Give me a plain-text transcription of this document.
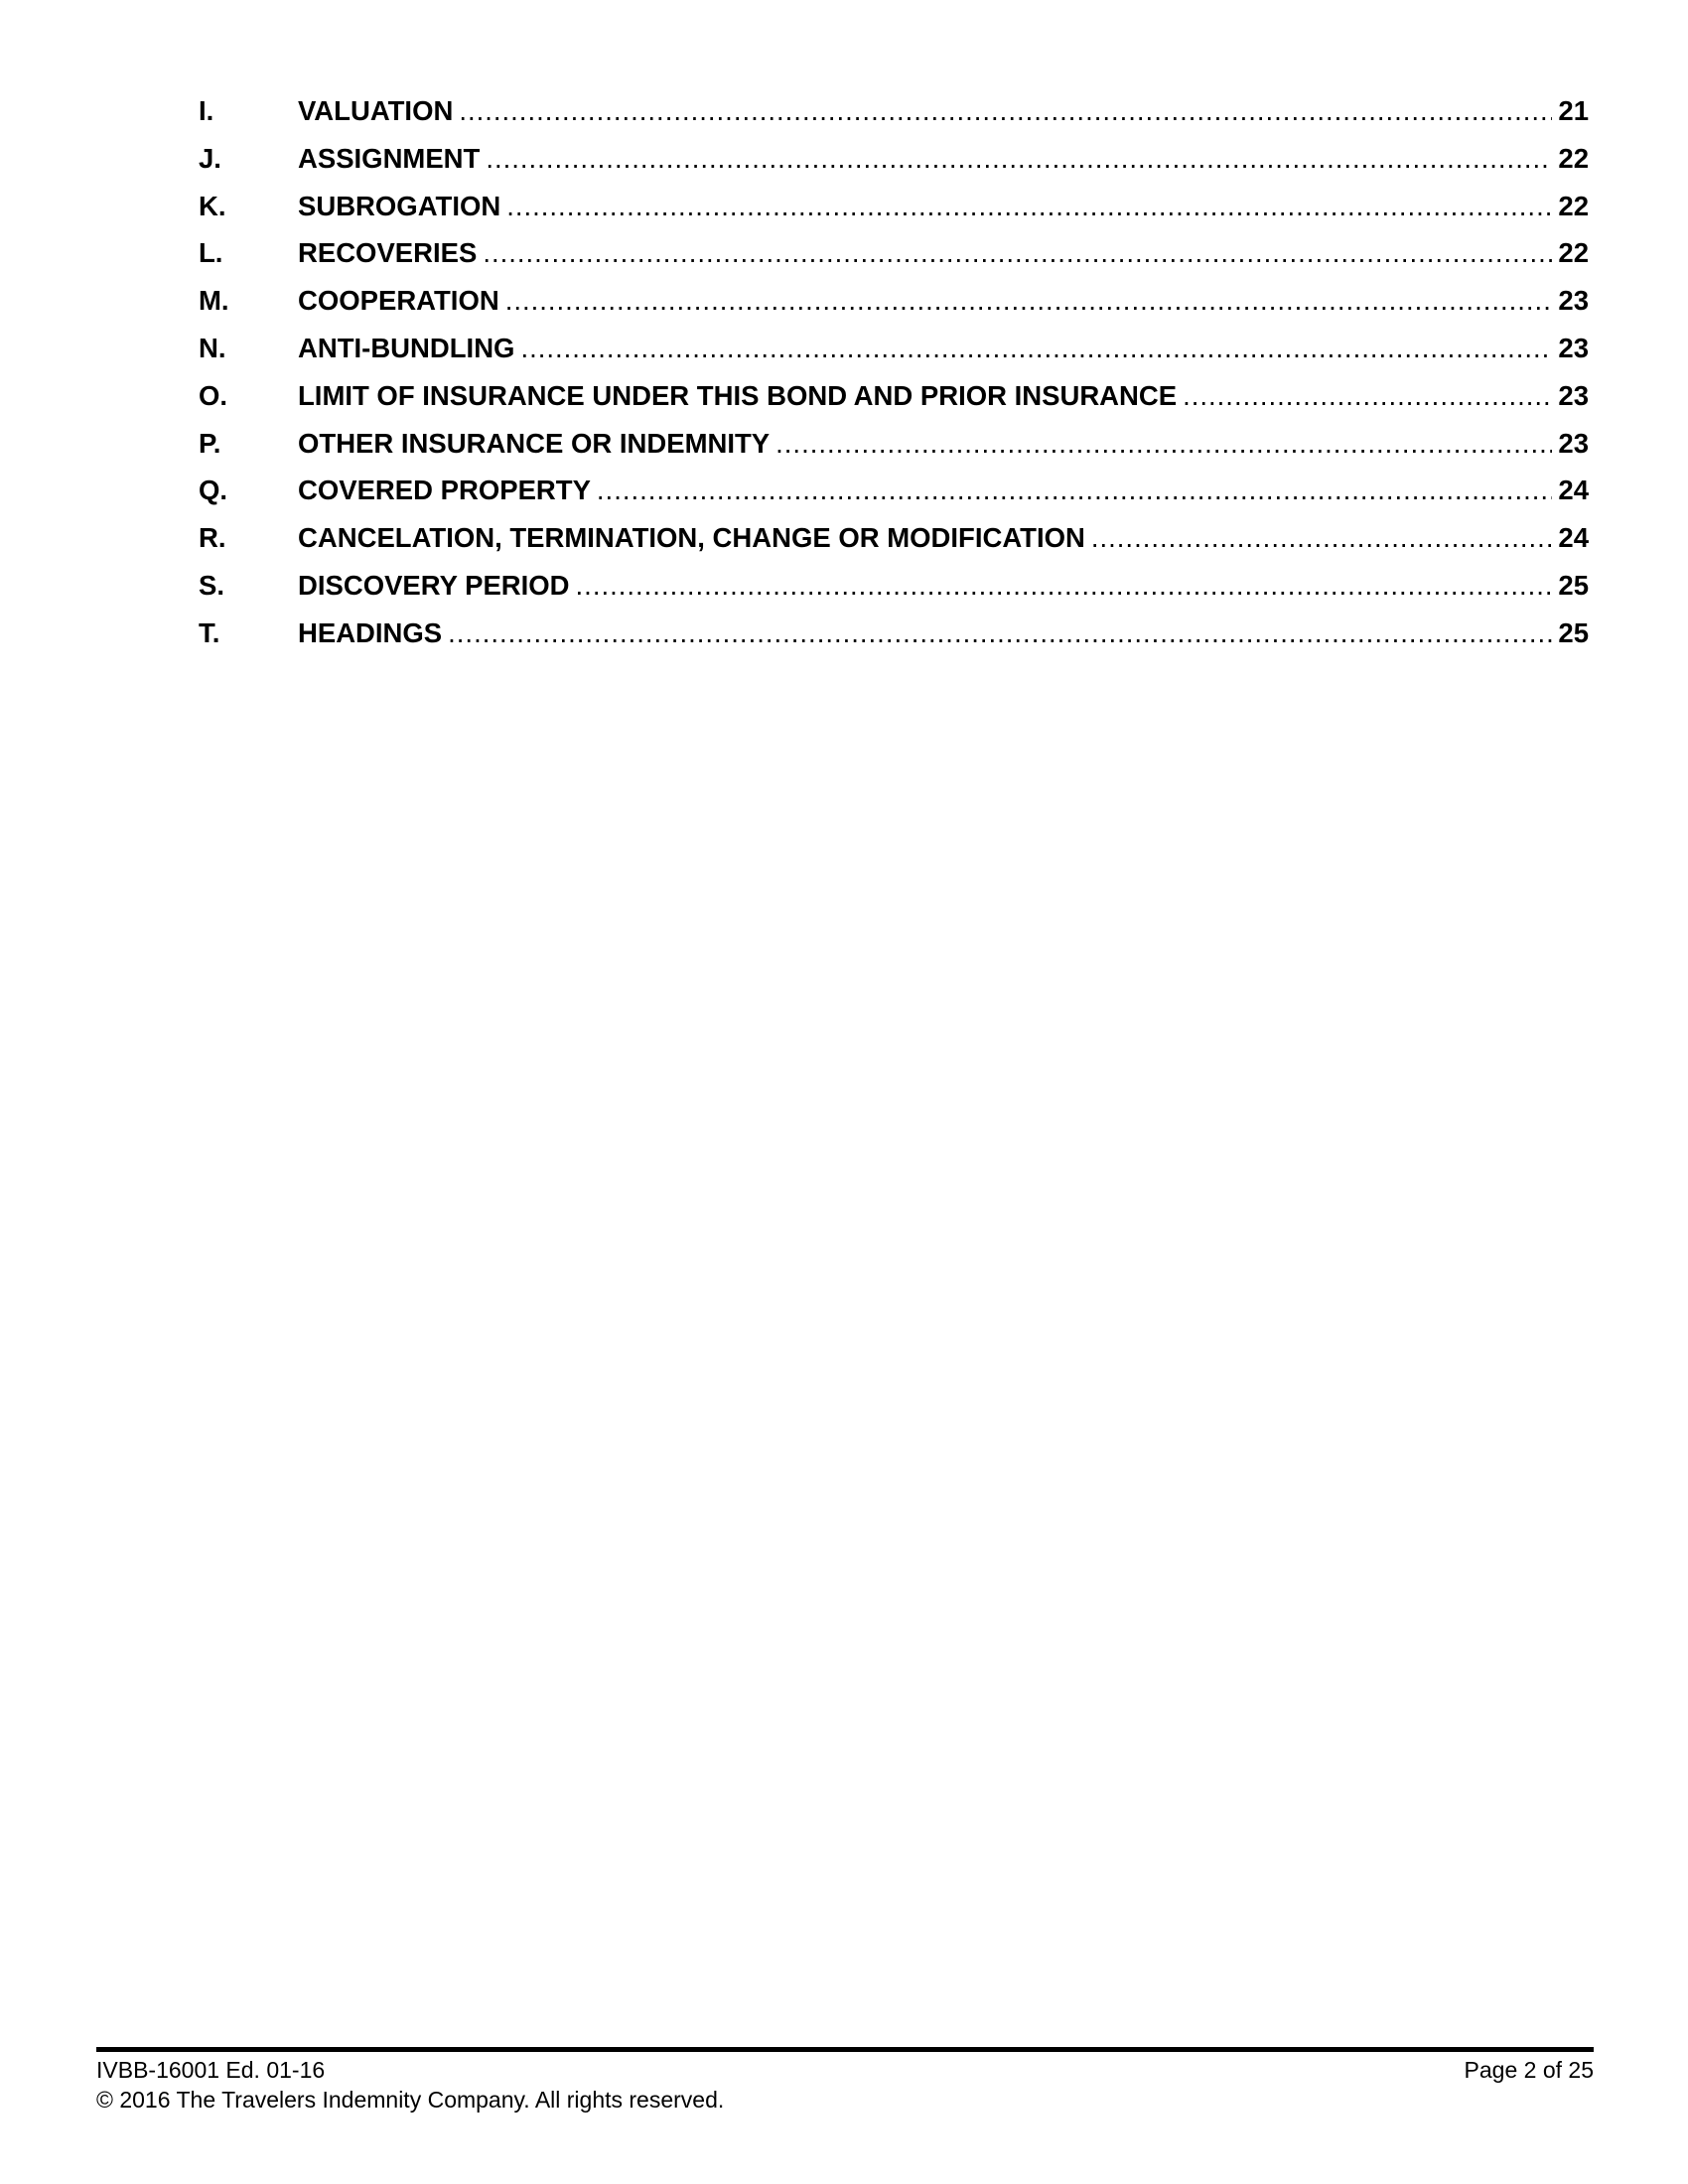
I.	VALUATION .....	21
J.	ASSIGNMENT .....	22
K.	SUBROGATION .....	22
L.	RECOVERIES .....	22
M.	COOPERATION .....	23
N.	ANTI-BUNDLING .....	23
O.	LIMIT OF INSURANCE UNDER THIS BOND AND PRIOR INSURANCE .....	23
P.	OTHER INSURANCE OR INDEMNITY .....	23
Q.	COVERED PROPERTY .....	24
R.	CANCELATION, TERMINATION, CHANGE OR MODIFICATION .....	24
S.	DISCOVERY PERIOD .....	25
T.	HEADINGS .....	25
IVBB-16001 Ed. 01-16	Page 2 of 25
© 2016 The Travelers Indemnity Company. All rights reserved.
